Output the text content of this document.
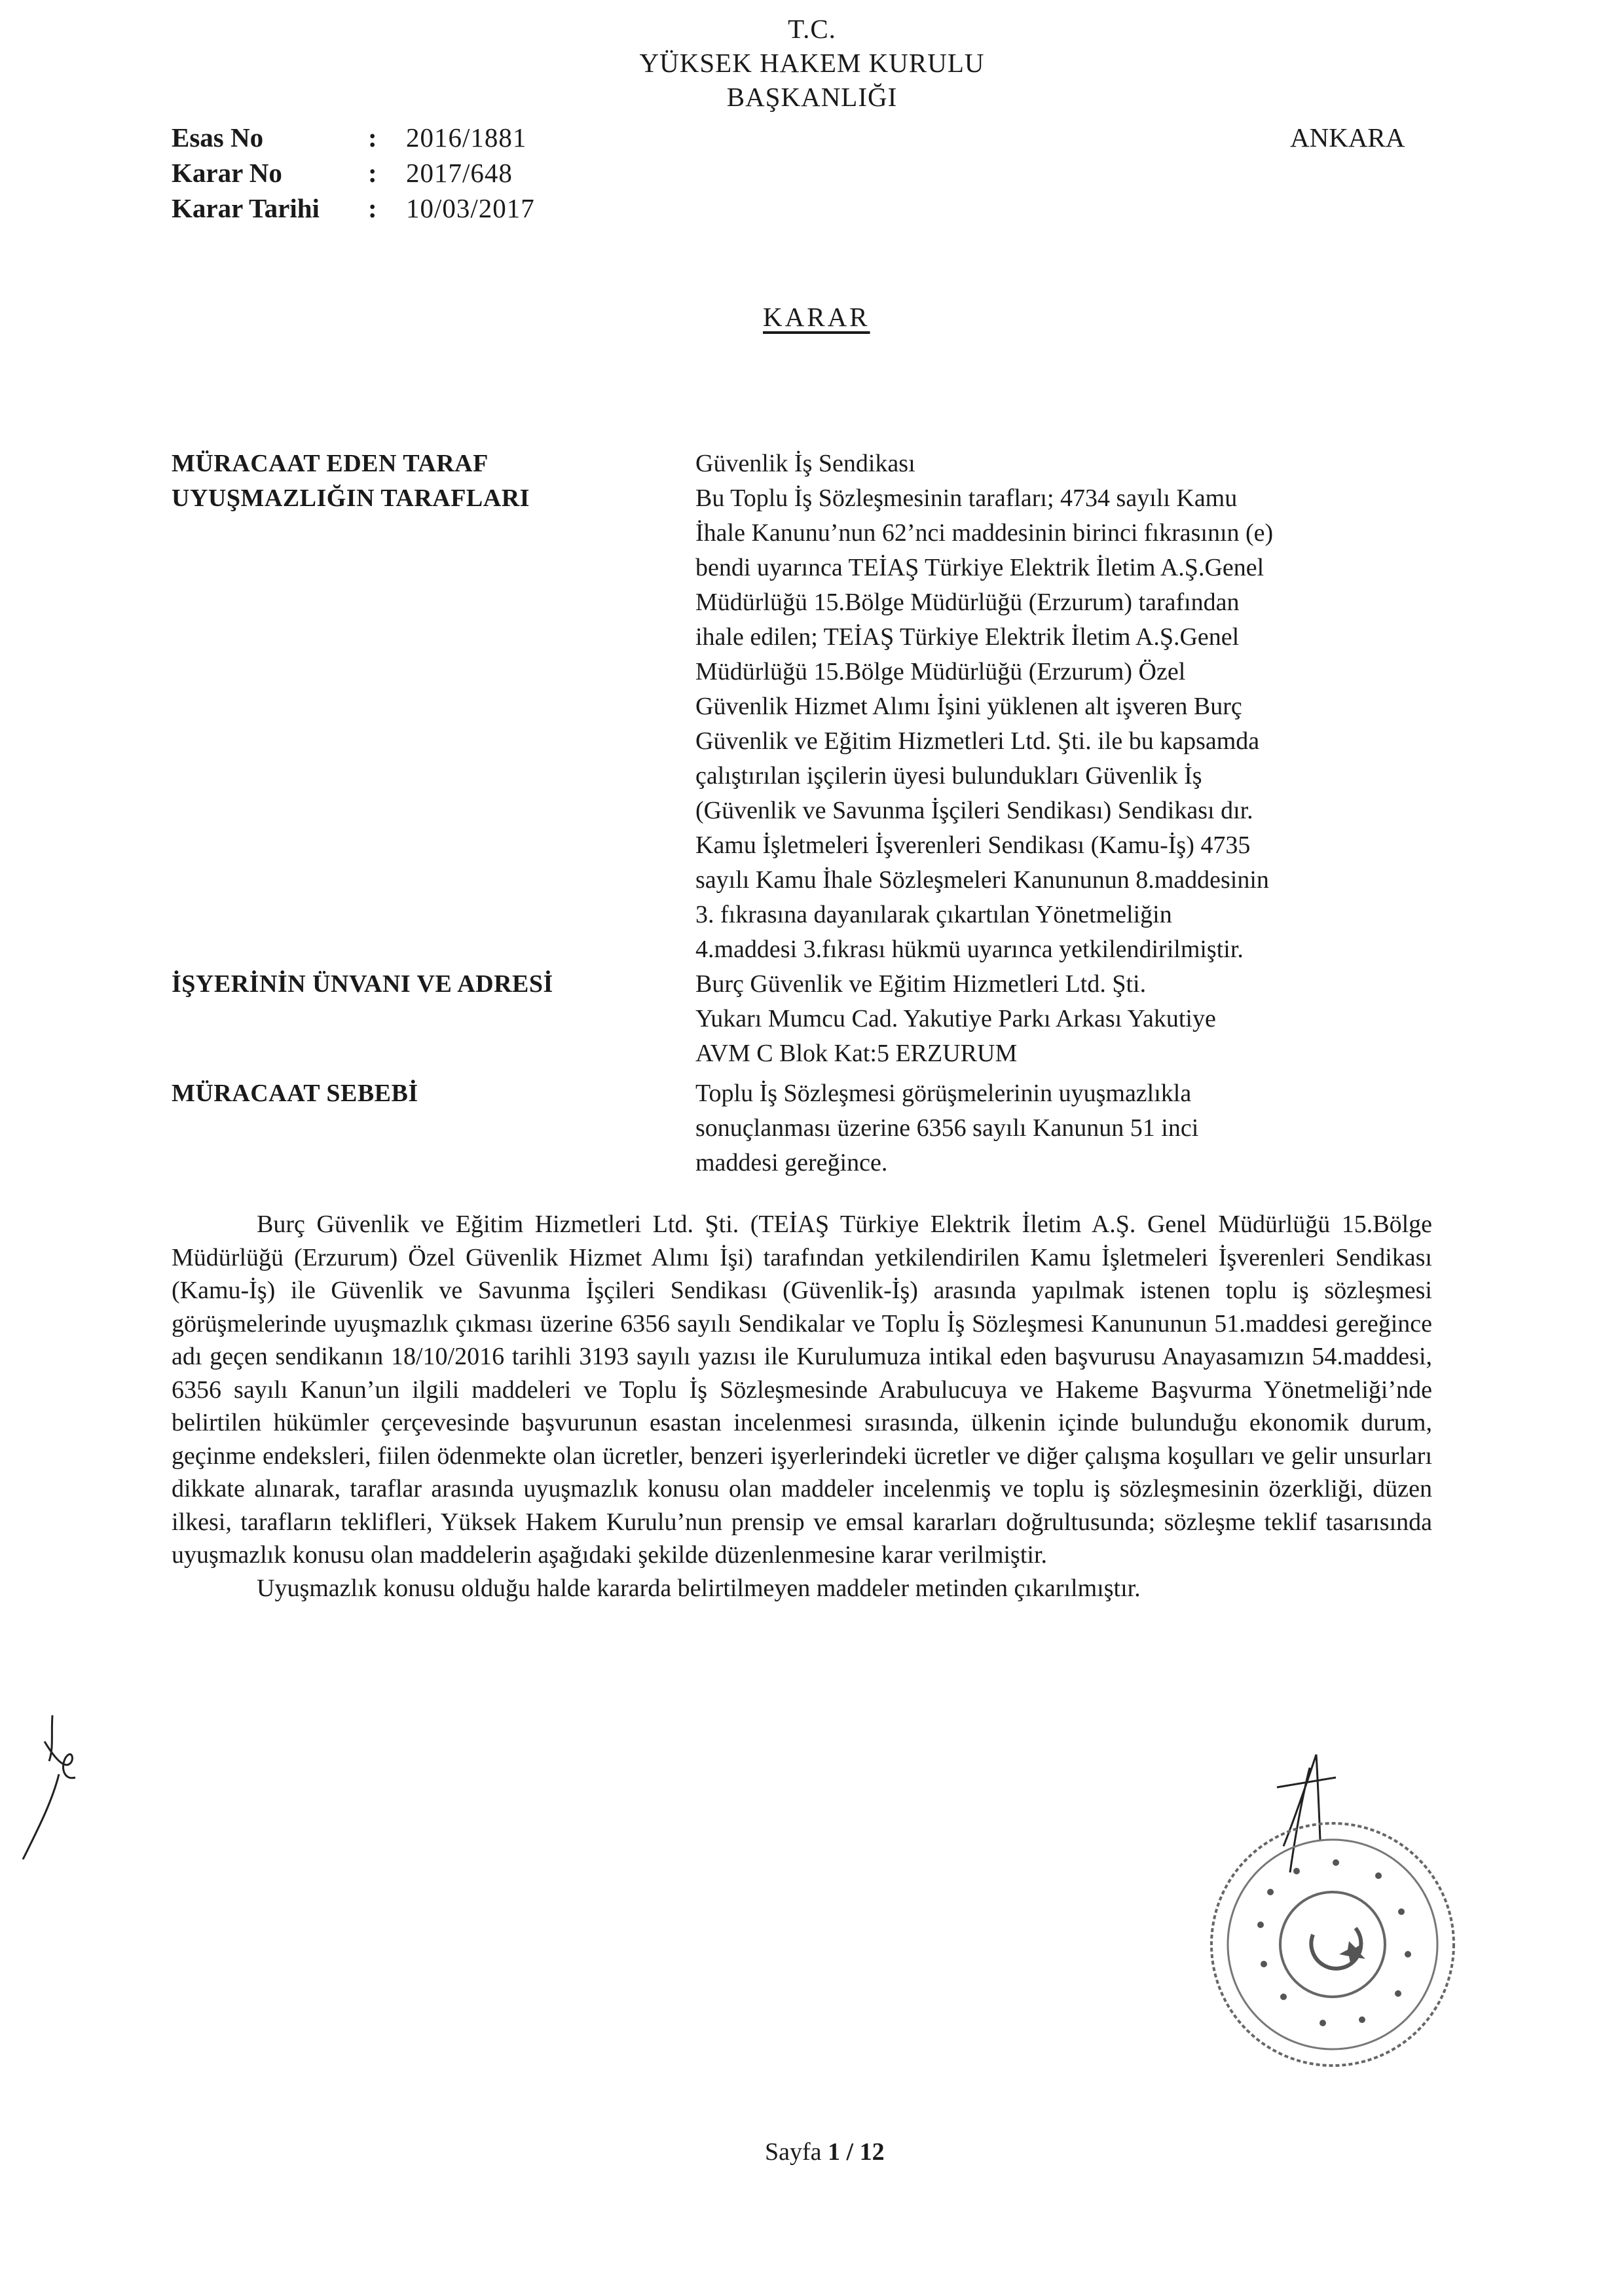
T.C.
YÜKSEK HAKEM KURULU
BAŞKANLIĞI
Esas No	:	2016/1881
Karar No	:	2017/648
Karar Tarihi	:	10/03/2017
ANKARA
KARAR
MÜRACAAT EDEN TARAF	Güvenlik İş Sendikası
UYUŞMAZLIĞIN TARAFLARI	Bu Toplu İş Sözleşmesinin tarafları; 4734 sayılı Kamu
İhale Kanunu’nun 62’nci maddesinin birinci fıkrasının (e)
bendi uyarınca TEİAŞ Türkiye Elektrik İletim A.Ş.Genel
Müdürlüğü 15.Bölge Müdürlüğü (Erzurum) tarafından
ihale edilen; TEİAŞ Türkiye Elektrik İletim A.Ş.Genel
Müdürlüğü 15.Bölge Müdürlüğü (Erzurum) Özel
Güvenlik Hizmet Alımı İşini yüklenen alt işveren Burç
Güvenlik ve Eğitim Hizmetleri Ltd. Şti. ile bu kapsamda
çalıştırılan işçilerin üyesi bulundukları Güvenlik İş
(Güvenlik ve Savunma İşçileri Sendikası) Sendikası dır.
Kamu İşletmeleri İşverenleri Sendikası (Kamu-İş) 4735
sayılı Kamu İhale Sözleşmeleri Kanununun 8.maddesinin
3. fıkrasına dayanılarak çıkartılan Yönetmeliğin
4.maddesi 3.fıkrası hükmü uyarınca yetkilendirilmiştir.
İŞYERİNİN ÜNVANI VE ADRESİ	Burç Güvenlik ve Eğitim Hizmetleri Ltd. Şti.
Yukarı Mumcu Cad. Yakutiye Parkı Arkası Yakutiye
AVM C Blok Kat:5 ERZURUM
MÜRACAAT SEBEBİ	Toplu İş Sözleşmesi görüşmelerinin uyuşmazlıkla
sonuçlanması üzerine 6356 sayılı Kanunun 51 inci
maddesi gereğince.

Burç Güvenlik ve Eğitim Hizmetleri Ltd. Şti. (TEİAŞ Türkiye Elektrik İletim A.Ş. Genel Müdürlüğü 15.Bölge Müdürlüğü (Erzurum) Özel Güvenlik Hizmet Alımı İşi) tarafından yetkilendirilen Kamu İşletmeleri İşverenleri Sendikası (Kamu-İş) ile Güvenlik ve Savunma İşçileri Sendikası (Güvenlik-İş) arasında yapılmak istenen toplu iş sözleşmesi görüşmelerinde uyuşmazlık çıkması üzerine 6356 sayılı Sendikalar ve Toplu İş Sözleşmesi Kanununun 51.maddesi gereğince adı geçen sendikanın 18/10/2016 tarihli 3193 sayılı yazısı ile Kurulumuza intikal eden başvurusu Anayasamızın 54.maddesi, 6356 sayılı Kanun’un ilgili maddeleri ve Toplu İş Sözleşmesinde Arabulucuya ve Hakeme Başvurma Yönetmeliği’nde belirtilen hükümler çerçevesinde başvurunun esastan incelenmesi sırasında, ülkenin içinde bulunduğu ekonomik durum, geçinme endeksleri, fiilen ödenmekte olan ücretler, benzeri işyerlerindeki ücretler ve diğer çalışma koşulları ve gelir unsurları dikkate alınarak, taraflar arasında uyuşmazlık konusu olan maddeler incelenmiş ve toplu iş sözleşmesinin özerkliği, düzen ilkesi, tarafların teklifleri, Yüksek Hakem Kurulu’nun prensip ve emsal kararları doğrultusunda; sözleşme teklif tasarısında uyuşmazlık konusu olan maddelerin aşağıdaki şekilde düzenlenmesine karar verilmiştir.

Uyuşmazlık konusu olduğu halde kararda belirtilmeyen maddeler metinden çıkarılmıştır.

Sayfa 1 / 12
